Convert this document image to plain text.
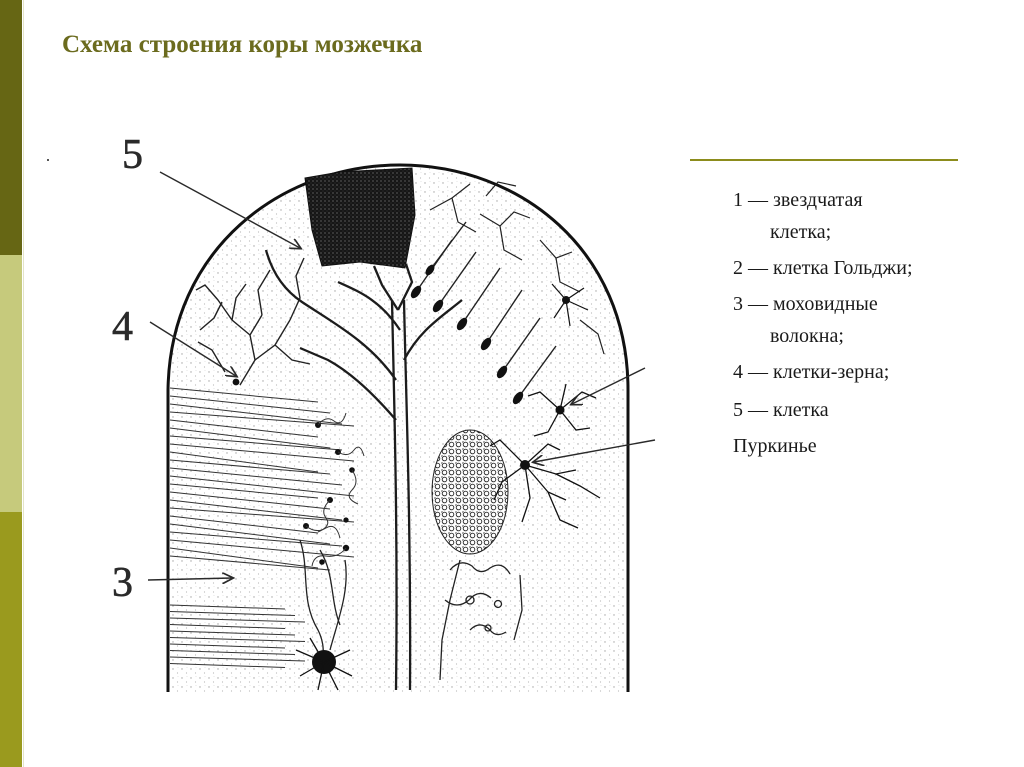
Схема строения коры мозжечка
1 — звездчатая
клетка;
2 — клетка Гольджи;
3 — моховидные
волокна;
4 — клетки-зерна;
5 — клетка
Пуркинье
5
4
3
